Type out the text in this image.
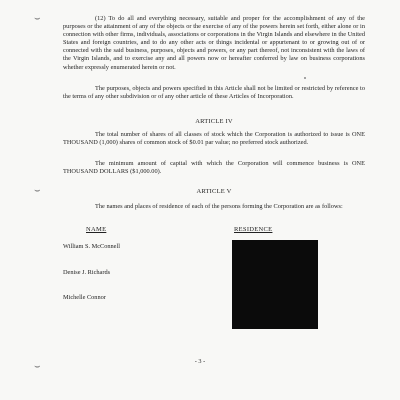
⌣
⌣
⌣
(12) To do all and everything necessary, suitable and proper for the accomplishment of any of the purposes or the attainment of any of the objects or the exercise of any of the powers herein set forth, either alone or in connection with other firms, individuals, associations or corporations in the Virgin Islands and elsewhere in the United States and foreign countries, and to do any other acts or things incidental or appurtenant to or growing out of or connected with the said business, purposes, objects and powers, or any part thereof, not inconsistent with the laws of the Virgin Islands, and to exercise any and all powers now or hereafter conferred by law on business corporations whether expressly enumerated herein or not.
The purposes, objects and powers specified in this Article shall not be limited or restricted by reference to the terms of any other subdivision or of any other article of these Articles of Incorporation.
ARTICLE IV
The total number of shares of all classes of stock which the Corporation is authorized to issue is ONE THOUSAND (1,000) shares of common stock of $0.01 par value; no preferred stock authorized.
The minimum amount of capital with which the Corporation will commence business is ONE THOUSAND DOLLARS ($1,000.00).
ARTICLE V
The names and places of residence of each of the persons forming the Corporation are as follows:
NAME	RESIDENCE
William S. McConnell
Denise J. Richards
Michelle Connor
- 3 -
